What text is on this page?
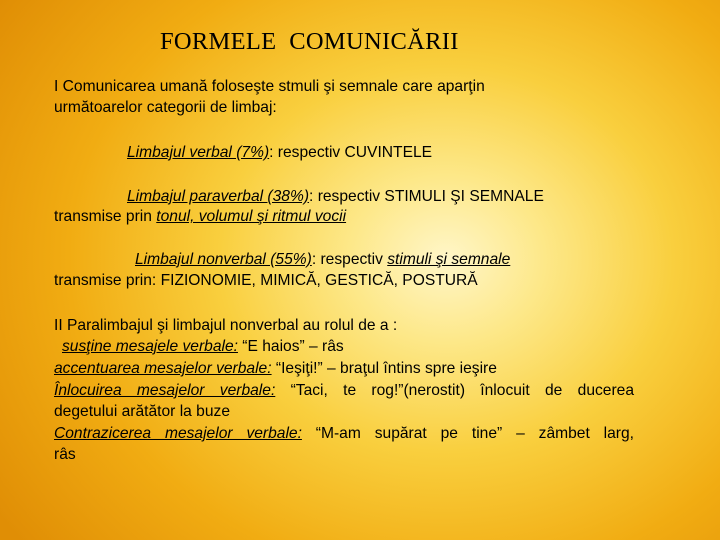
FORMELE  COMUNICĂRII
I Comunicarea umană foloseşte stmuli şi semnale care aparţin
următoarelor categorii de limbaj:
Limbajul verbal (7%): respectiv CUVINTELE
Limbajul paraverbal (38%): respectiv STIMULI ŞI SEMNALE
transmise prin tonul, volumul şi ritmul vocii
Limbajul nonverbal (55%): respectiv stimuli şi semnale
transmise prin: FIZIONOMIE, MIMICĂ, GESTICĂ, POSTURĂ
II Paralimbajul şi limbajul nonverbal au rolul de a :
susţine mesajele verbale: “E haios” – râs
accentuarea mesajelor verbale: “Ieşiţi!” – braţul întins spre ieşire
Înlocuirea mesajelor verbale: “Taci, te rog!”(nerostit) înlocuit de ducerea
degetului arătător la buze
Contrazicerea mesajelor verbale: “M-am supărat pe tine” – zâmbet larg,
râs
